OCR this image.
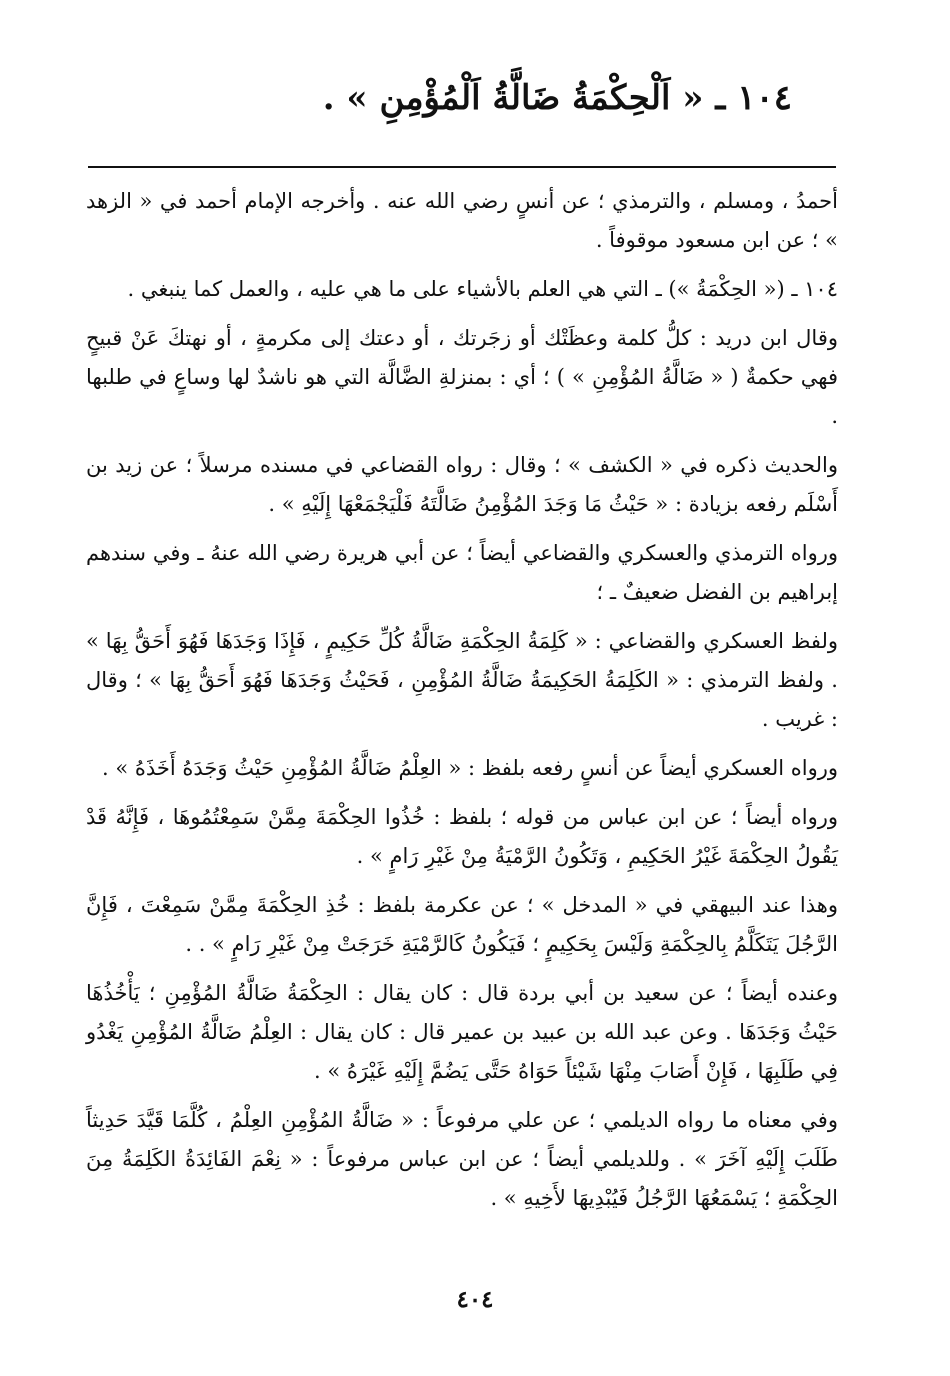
١٠٤ ـ « اَلْحِكْمَةُ ضَالَّةُ اَلْمُؤْمِنِ » .

أحمدُ ، ومسلم ، والترمذي ؛ عن أنسٍ رضي الله عنه . وأخرجه الإمام أحمد في « الزهد » ؛ عن ابن مسعود موقوفاً .

١٠٤ ـ (« الحِكْمَةُ ») ـ التي هي العلم بالأشياء على ما هي عليه ، والعمل كما ينبغي .

وقال ابن دريد : كلُّ كلمة وعظَتْك أو زجَرتك ، أو دعتك إلى مكرمةٍ ، أو نهتكَ عَنْ قبيحٍ فهي حكمةٌ ( « ضَالَّةُ المُؤْمِنِ » ) ؛ أي : بمنزلةِ الضَّالَّة التي هو ناشدٌ لها وساعٍ في طلبها .

والحديث ذكره في « الكشف » ؛ وقال : رواه القضاعي في مسنده مرسلاً ؛ عن زيد بن أَسْلَم رفعه بزيادة : « حَيْثُ مَا وَجَدَ المُؤْمِنُ ضَالَّتَهُ فَلْيَجْمَعْهَا إِلَيْهِ » .

ورواه الترمذي والعسكري والقضاعي أيضاً ؛ عن أبي هريرة رضي الله عنهُ ـ وفي سندهم إبراهيم بن الفضل ضعيفٌ ـ ؛

ولفظ العسكري والقضاعي : « كَلِمَةُ الحِكْمَةِ ضَالَّةُ كُلِّ حَكِيمٍ ، فَإِذَا وَجَدَهَا فَهُوَ أَحَقُّ بِهَا » . ولفظ الترمذي : « الكَلِمَةُ الحَكِيمَةُ ضَالَّةُ المُؤْمِنِ ، فَحَيْثُ وَجَدَهَا فَهُوَ أَحَقُّ بِهَا » ؛ وقال : غريب .

ورواه العسكري أيضاً عن أنسٍ رفعه بلفظ : « العِلْمُ ضَالَّةُ المُؤْمِنِ حَيْثُ وَجَدَهُ أَخَذَهُ » .

ورواه أيضاً ؛ عن ابن عباس من قوله ؛ بلفظ : خُذُوا الحِكْمَةَ مِمَّنْ سَمِعْتُمُوهَا ، فَإِنَّهُ قَدْ يَقُولُ الحِكْمَةَ غَيْرُ الحَكِيمِ ، وَتَكُونُ الرَّمْيَةُ مِنْ غَيْرِ رَامٍ » .

وهذا عند البيهقي في « المدخل » ؛ عن عكرمة بلفظ : خُذِ الحِكْمَةَ مِمَّنْ سَمِعْتَ ، فَإِنَّ الرَّجُلَ يَتَكَلَّمُ بِالحِكْمَةِ وَلَيْسَ بِحَكِيمٍ ؛ فَيَكُونُ كَالرَّمْيَةِ خَرَجَتْ مِنْ غَيْرِ رَامٍ » . .

وعنده أيضاً ؛ عن سعيد بن أبي بردة قال : كان يقال : الحِكْمَةُ ضَالَّةُ المُؤْمِنِ ؛ يَأْخُذُهَا حَيْثُ وَجَدَهَا . وعن عبد الله بن عبيد بن عمير قال : كان يقال : العِلْمُ ضَالَّةُ المُؤْمِنِ يَغْدُو فِي طَلَبِهَا ، فَإِنْ أَصَابَ مِنْهَا شَيْئاً حَوَاهُ حَتَّى يَضُمَّ إِلَيْهِ غَيْرَهُ » .

وفي معناه ما رواه الديلمي ؛ عن علي مرفوعاً : « ضَالَّةُ المُؤْمِنِ العِلْمُ ، كُلَّمَا قَيَّدَ حَدِيثاً طَلَبَ إِلَيْهِ آخَرَ » . وللديلمي أيضاً ؛ عن ابن عباس مرفوعاً : « نِعْمَ الفَائِدَةُ الكَلِمَةُ مِنَ الحِكْمَةِ ؛ يَسْمَعُهَا الرَّجُلُ فَيُبْدِيهَا لأَخِيهِ » .

٤٠٤
